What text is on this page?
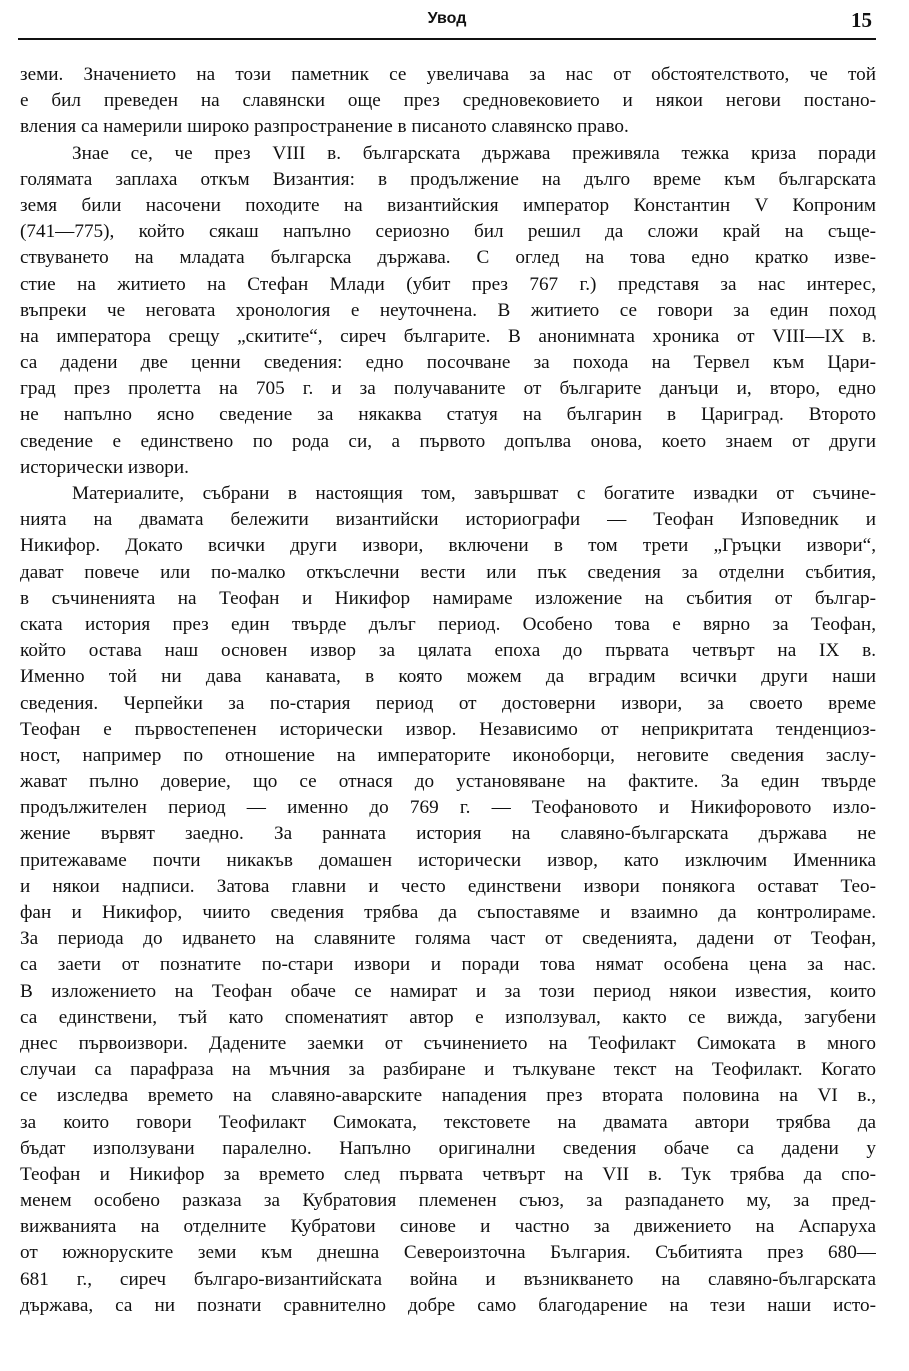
Увод	15
земи. Значението на този паметник се увеличава за нас от обстоятелството, че той
е бил преведен на славянски още през средновековието и някои негови постано-
вления са намерили широко разпространение в писаното славянско право.
Знае се, че през VIII в. българската държава преживяла тежка криза поради
голямата заплаха откъм Византия: в продължение на дълго време към българската
земя били насочени походите на византийския император Константин V Копроним
(741—775), който сякаш напълно сериозно бил решил да сложи край на съще-
ствуването на младата българска държава. С оглед на това едно кратко изве-
стие на житието на Стефан Млади (убит през 767 г.) представя за нас интерес,
въпреки че неговата хронология е неуточнена. В житието се говори за един поход
на императора срещу „скитите“, сиреч българите. В анонимната хроника от VIII—IX в.
са дадени две ценни сведения: едно посочване за похода на Тервел към Цари-
град през пролетта на 705 г. и за получаваните от българите данъци и, второ, едно
не напълно ясно сведение за някаква статуя на българин в Цариград. Второто
сведение е единствено по рода си, а първото допълва онова, което знаем от други
исторически извори.
Материалите, събрани в настоящия том, завършват с богатите извадки от съчине-
нията на двамата бележити византийски историографи — Теофан Изповедник и
Никифор. Докато всички други извори, включени в том трети „Гръцки извори“,
дават повече или по-малко откъслечни вести или пък сведения за отделни събития,
в съчиненията на Теофан и Никифор намираме изложение на събития от българ-
ската история през един твърде дълъг период. Особено това е вярно за Теофан,
който остава наш основен извор за цялата епоха до първата четвърт на IX в.
Именно той ни дава канавата, в която можем да вградим всички други наши
сведения. Черпейки за по-стария период от достоверни извори, за своето време
Теофан е първостепенен исторически извор. Независимо от неприкритата тенденциоз-
ност, например по отношение на императорите иконоборци, неговите сведения заслу-
жават пълно доверие, що се отнася до установяване на фактите. За един твърде
продължителен период — именно до 769 г. — Теофановото и Никифоровото изло-
жение вървят заедно. За ранната история на славяно-българската държава не
притежаваме почти никакъв домашен исторически извор, като изключим Именника
и някои надписи. Затова главни и често единствени извори понякога остават Тео-
фан и Никифор, чиито сведения трябва да съпоставяме и взаимно да контролираме.
За периода до идването на славяните голяма част от сведенията, дадени от Теофан,
са заети от познатите по-стари извори и поради това нямат особена цена за нас.
В изложението на Теофан обаче се намират и за този период някои известия, които
са единствени, тъй като споменатият автор е използувал, както се вижда, загубени
днес първоизвори. Дадените заемки от съчинението на Теофилакт Симоката в много
случаи са парафраза на мъчния за разбиране и тълкуване текст на Теофилакт. Когато
се изследва времето на славяно-аварските нападения през втората половина на VI в.,
за които говори Теофилакт Симоката, текстовете на двамата автори трябва да
бъдат използувани паралелно. Напълно оригинални сведения обаче са дадени у
Теофан и Никифор за времето след първата четвърт на VII в. Тук трябва да спо-
менем особено разказа за Кубратовия племенен съюз, за разпадането му, за пред-
вижванията на отделните Кубратови синове и частно за движението на Аспаруха
от южноруските земи към днешна Североизточна България. Събитията през 680—
681 г., сиреч българо-византийската война и възникването на славяно-българската
държава, са ни познати сравнително добре само благодарение на тези наши исто-
